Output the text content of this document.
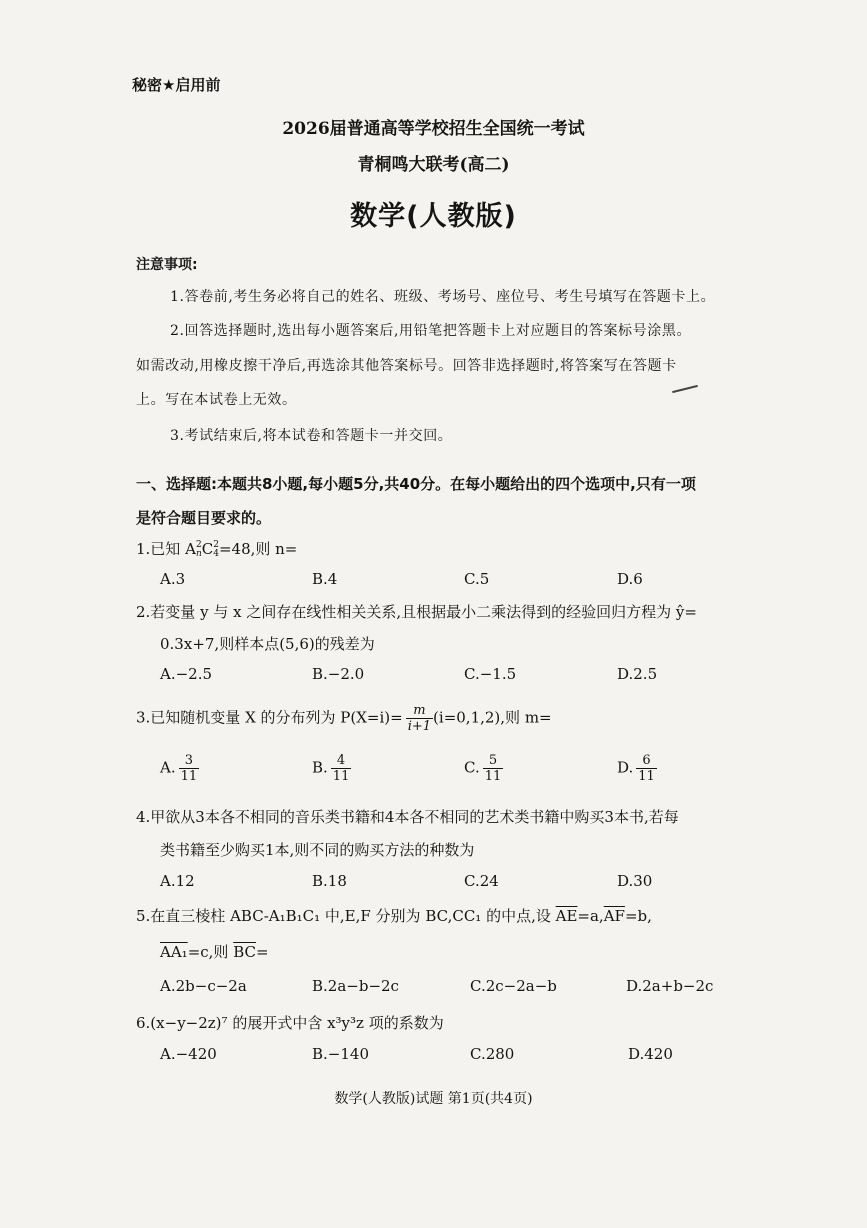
秘密★启用前
2026届普通高等学校招生全国统一考试
青桐鸣大联考(高二)
数学(人教版)
注意事项:
1.答卷前,考生务必将自己的姓名、班级、考场号、座位号、考生号填写在答题卡上。
2.回答选择题时,选出每小题答案后,用铅笔把答题卡上对应题目的答案标号涂黑。
如需改动,用橡皮擦干净后,再选涂其他答案标号。回答非选择题时,将答案写在答题卡
上。写在本试卷上无效。
3.考试结束后,将本试卷和答题卡一并交回。
一、选择题:本题共8小题,每小题5分,共40分。在每小题给出的四个选项中,只有一项
是符合题目要求的。
1.已知 A 2
n C 2
4 =48,则 n=
A.3	B.4	C.5	D.6
2.若变量 y 与 x 之间存在线性相关关系,且根据最小二乘法得到的经验回归方程为 ŷ=
0.3x+7,则样本点(5,6)的残差为
A.−2.5	B.−2.0	C.−1.5	D.2.5
3.已知随机变量 X 的分布列为 $P(X=i)= \frac{m}{i+1} (i=0,1,2)$,则 m=
A. $\frac{3}{11}$	B. $\frac{4}{11}$	C. $\frac{5}{11}$	D. $\frac{6}{11}$
4.甲欲从3本各不相同的音乐类书籍和4本各不相同的艺术类书籍中购买3本书,若每
类书籍至少购买1本,则不同的购买方法的种数为
A.12	B.18	C.24	D.30
5.在直三棱柱 ABC-A₁B₁C₁ 中,E,F 分别为 BC,CC₁ 的中点,设 $\overline{AE}=a,\overline{AF}=b$,
AA₁=c,则 $\overline{BC}=$
A.2b−c−2a	B.2a−b−2c	C.2c−2a−b	D.2a+b−2c
6.(x−y−2z)⁷ 的展开式中含 x³y³z 项的系数为
A.−420	B.−140	C.280	D.420
数学(人教版)试题 第1页(共4页)
